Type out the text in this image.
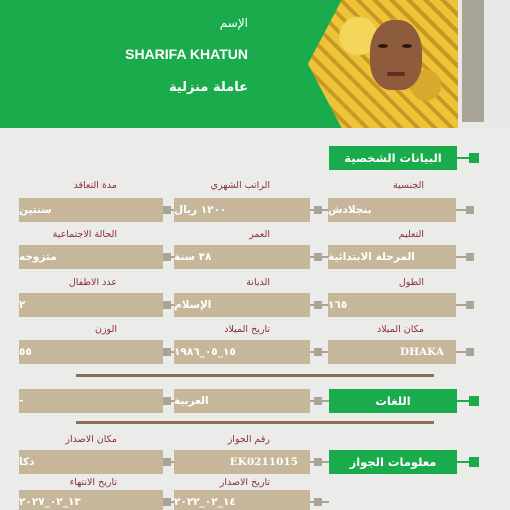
الإسم
SHARIFA KHATUN
عاملة منزلية
البيانات الشخصية
الجنسية
الراتب الشهري
مدة التعاقد
بنجلادش
١٢٠٠ ريال
سنتين
التعليم
العمر
الحالة الاجتماعية
المرحلة الابتدائية
٣٨ سنة
متزوجه
الطول
الديانة
عدد الاطفال
١٦٥
الإسلام
٢
مكان الميلاد
تاريخ الميلاد
الوزن
DHAKA
١٥_٠٥_١٩٨٦
٥٥
اللغات
العربية
-
رقم الجواز
مكان الاصدار
معلومات الجواز
EK0211015
دكا
تاريخ الاصدار
تاريخ الانتهاء
١٤_٠٢_٢٠٢٢
١٣_٠٢_٢٠٢٧
